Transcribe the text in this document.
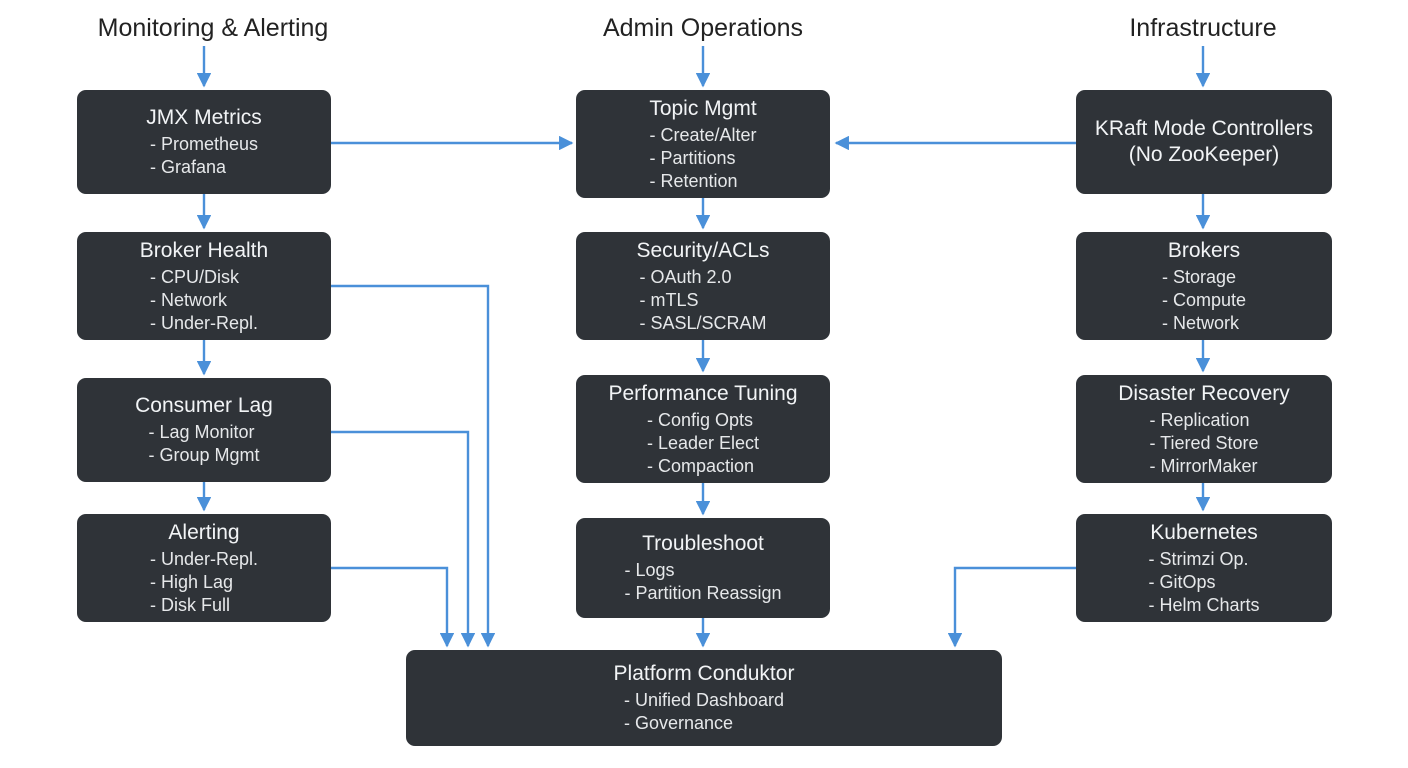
Monitoring & Alerting	Admin Operations	Infrastructure
JMX Metrics
- Prometheus
- Grafana
Broker Health
- CPU/Disk
- Network
- Under-Repl.
Consumer Lag
- Lag Monitor
- Group Mgmt
Alerting
- Under-Repl.
- High Lag
- Disk Full
Topic Mgmt
- Create/Alter
- Partitions
- Retention
Security/ACLs
- OAuth 2.0
- mTLS
- SASL/SCRAM
Performance Tuning
- Config Opts
- Leader Elect
- Compaction
Troubleshoot
- Logs
- Partition Reassign
KRaft Mode Controllers
(No ZooKeeper)
Brokers
- Storage
- Compute
- Network
Disaster Recovery
- Replication
- Tiered Store
- MirrorMaker
Kubernetes
- Strimzi Op.
- GitOps
- Helm Charts
Platform Conduktor
- Unified Dashboard
- Governance
